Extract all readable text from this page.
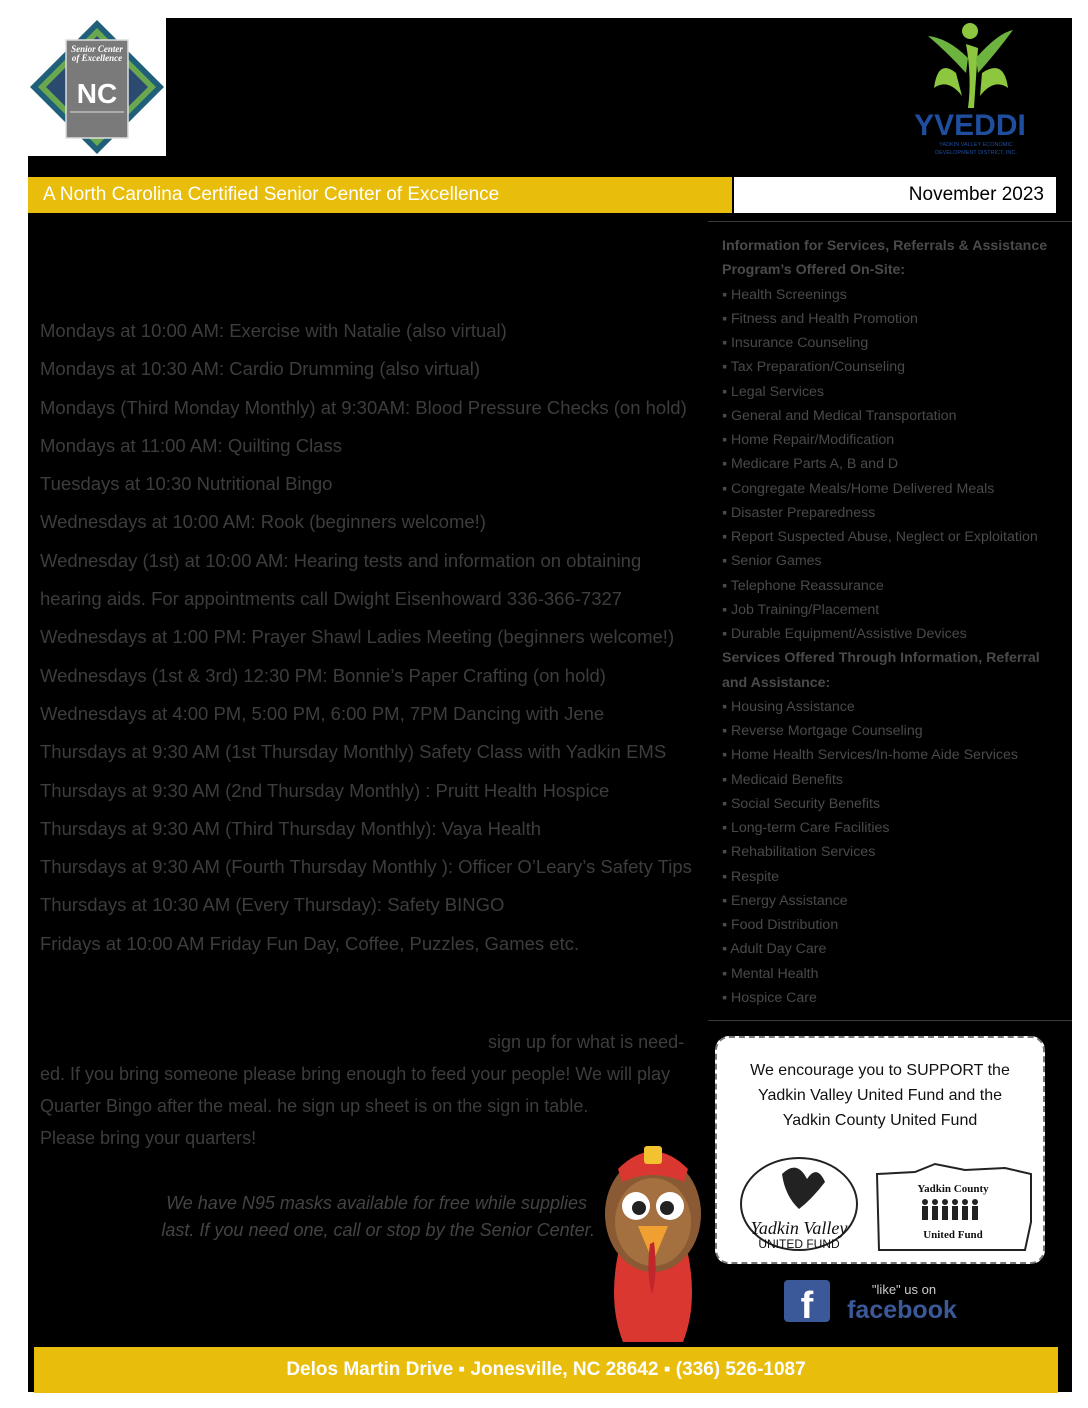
Senior Center
of Excellence
NC
YVEDDI
YADKIN VALLEY ECONOMIC
DEVELOPMENT DISTRICT, INC.
A North Carolina Certified Senior Center of Excellence	November 2023
Mondays at 10:00 AM: Exercise with Natalie (also virtual)
Mondays at 10:30 AM: Cardio Drumming (also virtual)
Mondays (Third Monday Monthly) at 9:30AM: Blood Pressure Checks (on hold)
Mondays at 11:00 AM: Quilting Class
Tuesdays at 10:30 Nutritional Bingo
Wednesdays at 10:00 AM: Rook (beginners welcome!)
Wednesday (1st) at 10:00 AM: Hearing tests and information on obtaining
hearing aids. For appointments call Dwight Eisenhoward 336-366-7327
Wednesdays at 1:00 PM: Prayer Shawl Ladies Meeting (beginners welcome!)
Wednesdays (1st & 3rd) 12:30 PM: Bonnie’s Paper Crafting (on hold)
Wednesdays at 4:00 PM, 5:00 PM, 6:00 PM, 7PM Dancing with Jene
Thursdays at 9:30 AM (1st Thursday Monthly) Safety Class with Yadkin EMS
Thursdays at 9:30 AM (2nd Thursday Monthly) : Pruitt Health Hospice
Thursdays at 9:30 AM (Third Thursday Monthly): Vaya Health
Thursdays at 9:30 AM (Fourth Thursday Monthly ): Officer O’Leary’s Safety Tips
Thursdays at 10:30 AM (Every Thursday): Safety BINGO
Fridays at 10:00 AM Friday Fun Day, Coffee, Puzzles, Games etc.
Information for Services, Referrals & Assistance
Program’s Offered On-Site:
▪ Health Screenings
▪ Fitness and Health Promotion
▪ Insurance Counseling
▪ Tax Preparation/Counseling
▪ Legal Services
▪ General and Medical Transportation
▪ Home Repair/Modification
▪ Medicare Parts A, B and D
▪ Congregate Meals/Home Delivered Meals
▪ Disaster Preparedness
▪ Report Suspected Abuse, Neglect or Exploitation
▪ Senior Games
▪ Telephone Reassurance
▪ Job Training/Placement
▪ Durable Equipment/Assistive Devices
Services Offered Through Information, Referral
and Assistance:
▪ Housing Assistance
▪ Reverse Mortgage Counseling
▪ Home Health Services/In-home Aide Services
▪ Medicaid Benefits
▪ Social Security Benefits
▪ Long-term Care Facilities
▪ Rehabilitation Services
▪ Respite
▪ Energy Assistance
▪ Food Distribution
▪ Adult Day Care
▪ Mental Health
▪ Hospice Care
sign up for what is need-
ed. If you bring someone please bring enough to feed your people! We will play
Quarter Bingo after the meal. he sign up sheet is on the sign in table.
Please bring your quarters!
We have N95 masks available for free while supplies
last. If you need one, call or stop by the Senior Center.
We encourage you to SUPPORT the
Yadkin Valley United Fund and the
Yadkin County United Fund
Yadkin Valley
UNITED FUND
Yadkin County
United Fund
f	"like" us on
facebook
Delos Martin Drive ▪ Jonesville, NC 28642 ▪ (336) 526-1087
